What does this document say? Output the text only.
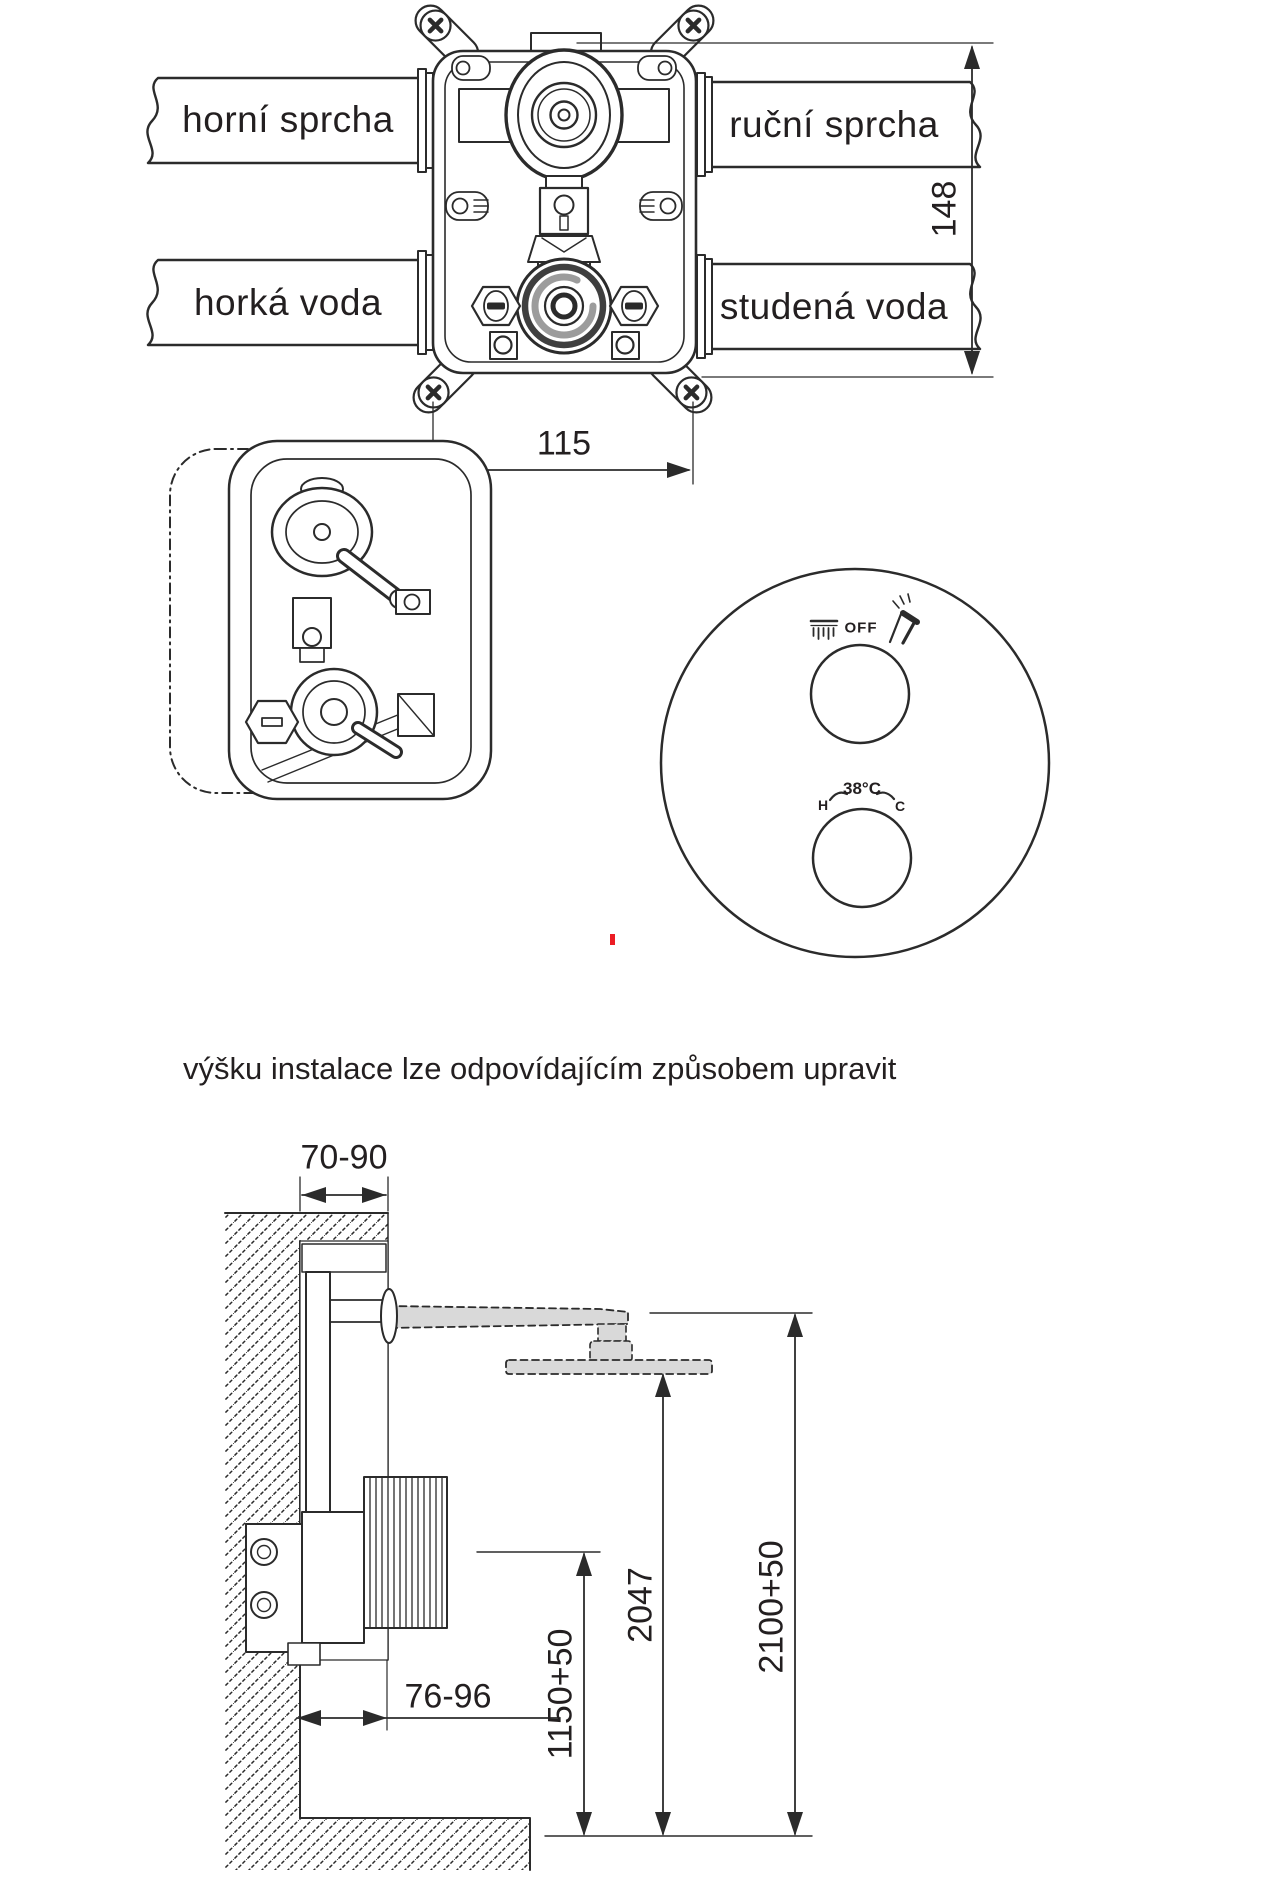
horní sprcha	ruční sprcha
horká voda	studená voda
115
148
OFF
38°C
H	C
výšku instalace lze odpovídajícím způsobem upravit
70-90
76-96 1150+50
2047	2100+50
